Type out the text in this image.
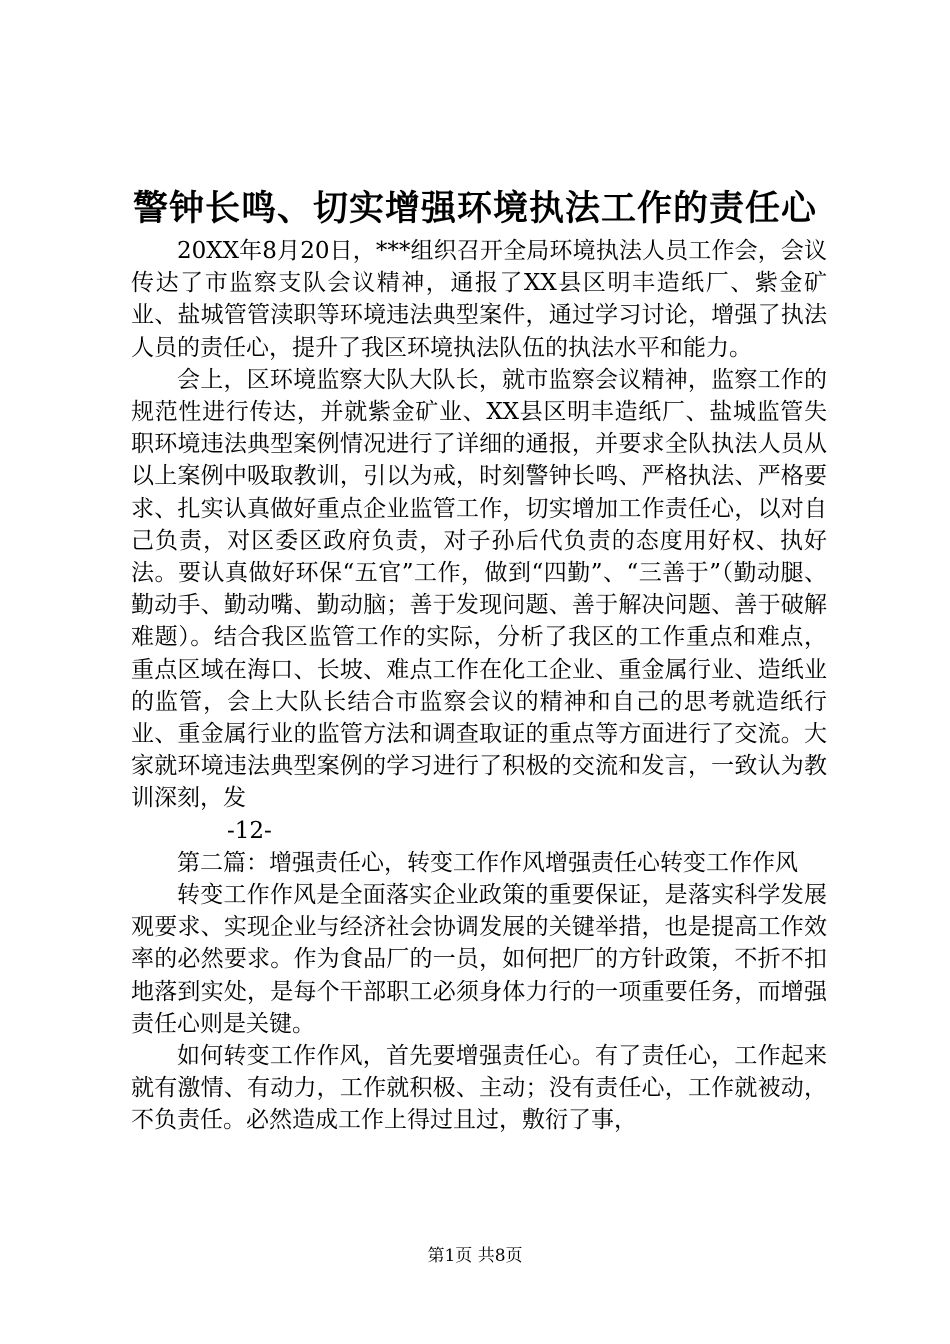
警钟长鸣、切实增强环境执法工作的责任心

20XX年8月20日，***组织召开全局环境执法人员工作会，会议传达了市监察支队会议精神，通报了XX县区明丰造纸厂、紫金矿业、盐城管管渎职等环境违法典型案件，通过学习讨论，增强了执法人员的责任心，提升了我区环境执法队伍的执法水平和能力。

会上，区环境监察大队大队长，就市监察会议精神，监察工作的规范性进行传达，并就紫金矿业、XX县区明丰造纸厂、盐城监管失职环境违法典型案例情况进行了详细的通报，并要求全队执法人员从以上案例中吸取教训，引以为戒，时刻警钟长鸣、严格执法、严格要求、扎实认真做好重点企业监管工作，切实增加工作责任心，以对自己负责，对区委区政府负责，对子孙后代负责的态度用好权、执好法。要认真做好环保“五官”工作，做到“四勤”、“三善于”（勤动腿、勤动手、勤动嘴、勤动脑；善于发现问题、善于解决问题、善于破解难题）。结合我区监管工作的实际，分析了我区的工作重点和难点，重点区域在海口、长坡、难点工作在化工企业、重金属行业、造纸业的监管，会上大队长结合市监察会议的精神和自己的思考就造纸行业、重金属行业的监管方法和调查取证的重点等方面进行了交流。大家就环境违法典型案例的学习进行了积极的交流和发言，一致认为教训深刻，发

-12-

第二篇：增强责任心，转变工作作风增强责任心转变工作作风

转变工作作风是全面落实企业政策的重要保证，是落实科学发展观要求、实现企业与经济社会协调发展的关键举措，也是提高工作效率的必然要求。作为食品厂的一员，如何把厂的方针政策，不折不扣地落到实处，是每个干部职工必须身体力行的一项重要任务，而增强责任心则是关键。

如何转变工作作风，首先要增强责任心。有了责任心，工作起来就有激情、有动力，工作就积极、主动；没有责任心，工作就被动，不负责任。必然造成工作上得过且过，敷衍了事，

第1页 共8页
